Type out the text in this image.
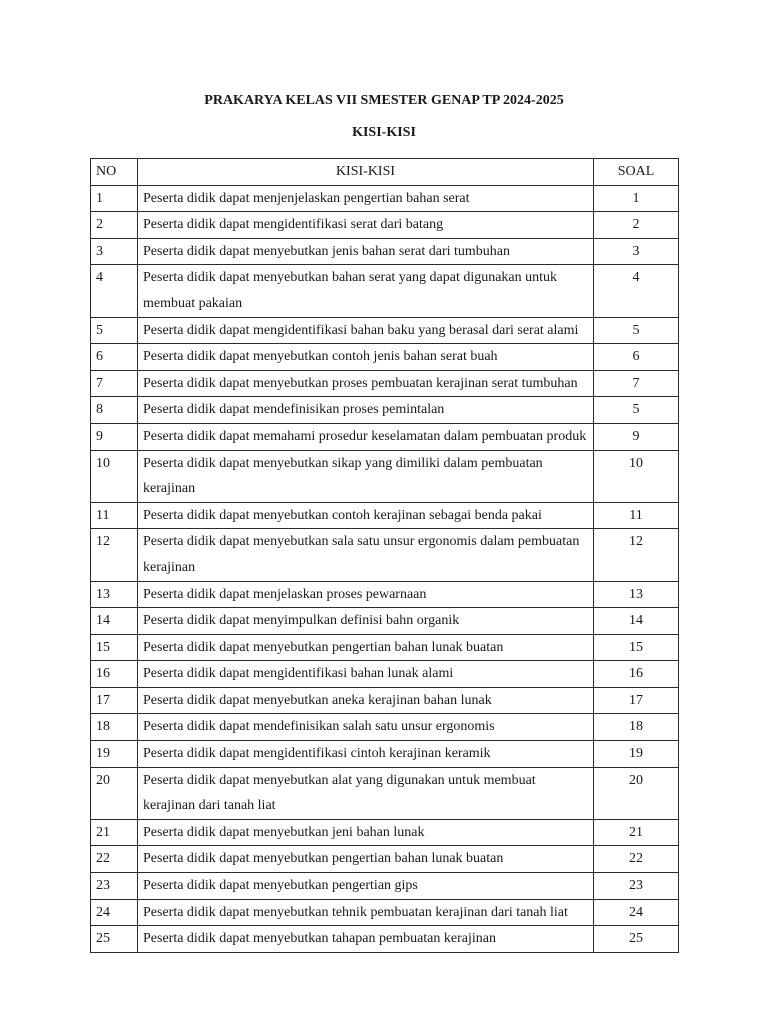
PRAKARYA KELAS VII SMESTER GENAP TP 2024-2025
KISI-KISI
NO	KISI-KISI	SOAL
1	Peserta didik dapat menjenjelaskan pengertian bahan serat	1
2	Peserta didik dapat mengidentifikasi serat dari batang	2
3	Peserta didik dapat menyebutkan jenis bahan serat dari tumbuhan	3
4	Peserta didik dapat menyebutkan bahan serat yang dapat digunakan untuk membuat pakaian	4
5	Peserta didik dapat mengidentifikasi bahan baku yang berasal dari serat alami	5
6	Peserta didik dapat menyebutkan contoh jenis bahan serat buah	6
7	Peserta didik dapat menyebutkan proses pembuatan kerajinan serat tumbuhan	7
8	Peserta didik dapat mendefinisikan proses pemintalan	5
9	Peserta didik dapat memahami prosedur keselamatan dalam pembuatan produk	9
10	Peserta didik dapat menyebutkan sikap yang dimiliki dalam pembuatan kerajinan	10
11	Peserta didik dapat menyebutkan contoh kerajinan sebagai benda pakai	11
12	Peserta didik dapat menyebutkan sala satu unsur ergonomis dalam pembuatan kerajinan	12
13	Peserta didik dapat menjelaskan proses pewarnaan	13
14	Peserta didik dapat menyimpulkan definisi bahn organik	14
15	Peserta didik dapat menyebutkan pengertian bahan lunak buatan	15
16	Peserta didik dapat mengidentifikasi bahan lunak alami	16
17	Peserta didik dapat menyebutkan aneka kerajinan bahan lunak	17
18	Peserta didik dapat mendefinisikan salah satu unsur ergonomis	18
19	Peserta didik dapat mengidentifikasi cintoh kerajinan keramik	19
20	Peserta didik dapat menyebutkan alat yang digunakan untuk membuat kerajinan dari tanah liat	20
21	Peserta didik dapat menyebutkan jeni bahan lunak	21
22	Peserta didik dapat menyebutkan pengertian bahan lunak buatan	22
23	Peserta didik dapat menyebutkan pengertian gips	23
24	Peserta didik dapat menyebutkan tehnik pembuatan kerajinan dari tanah liat	24
25	Peserta didik dapat menyebutkan tahapan pembuatan kerajinan	25
